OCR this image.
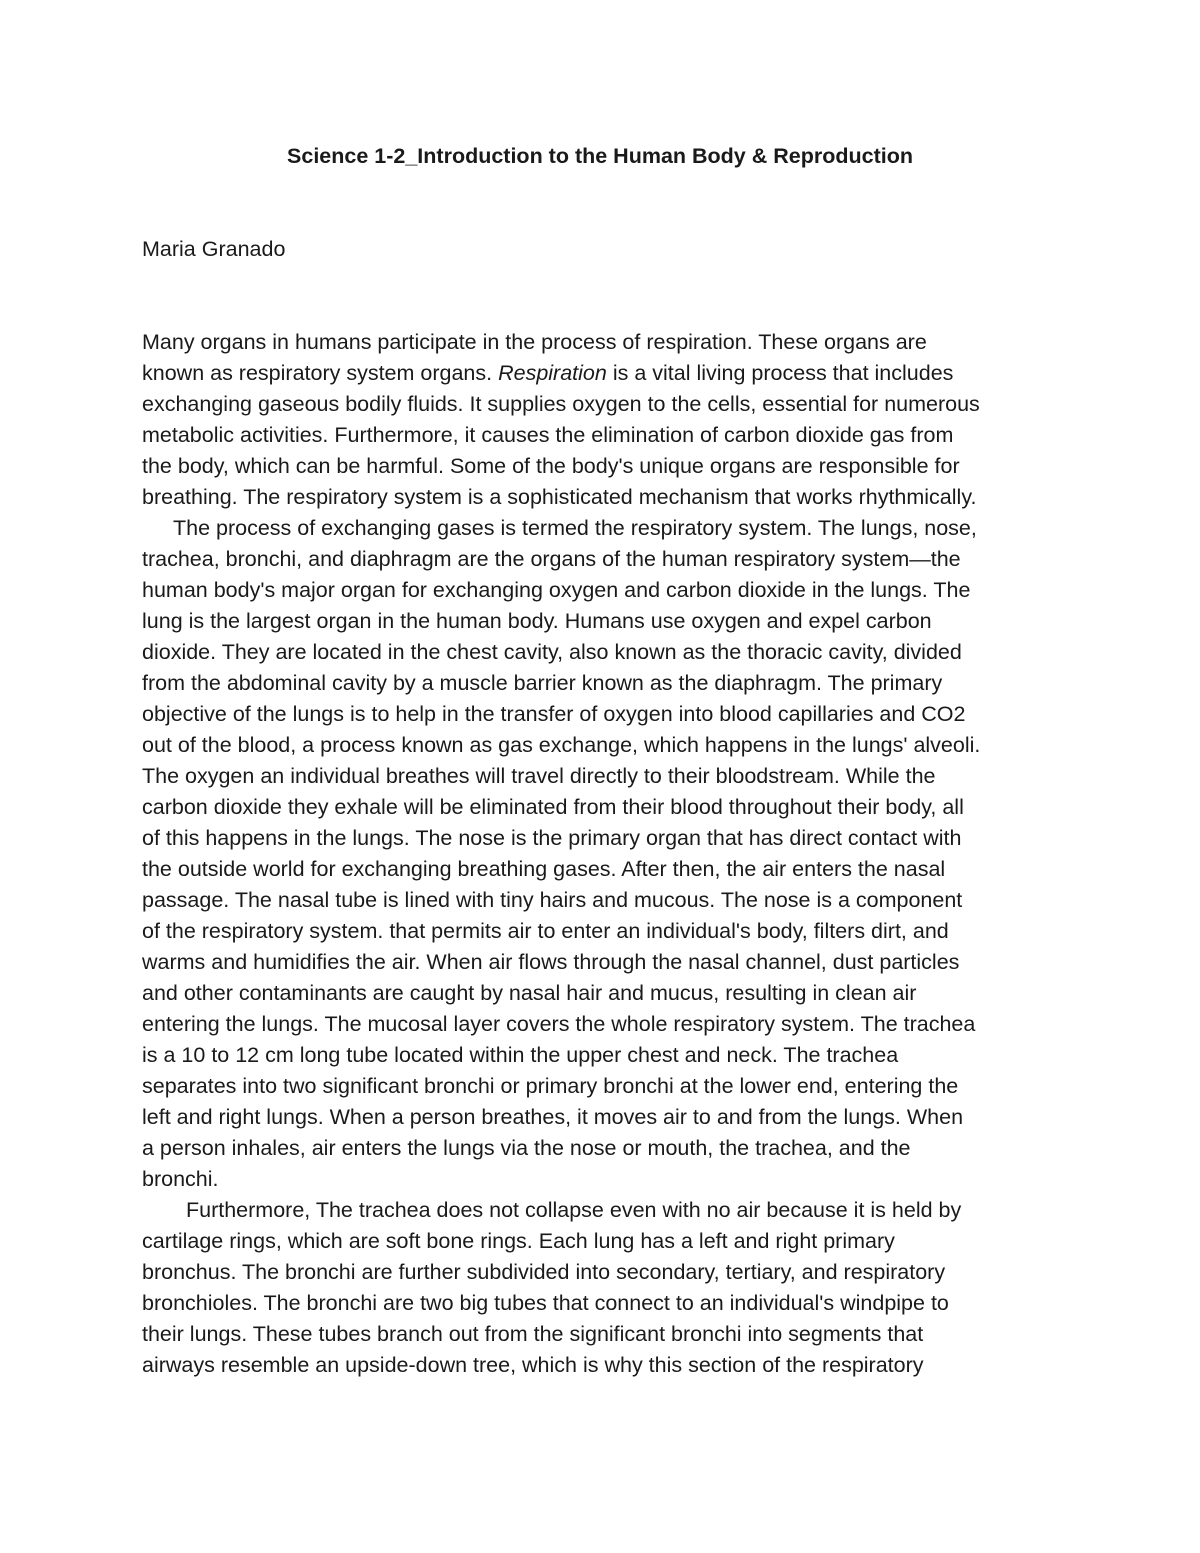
Science 1-2_Introduction to the Human Body & Reproduction

Maria Granado

Many organs in humans participate in the process of respiration. These organs are
known as respiratory system organs. Respiration is a vital living process that includes
exchanging gaseous bodily fluids. It supplies oxygen to the cells, essential for numerous
metabolic activities. Furthermore, it causes the elimination of carbon dioxide gas from
the body, which can be harmful. Some of the body's unique organs are responsible for
breathing. The respiratory system is a sophisticated mechanism that works rhythmically.
The process of exchanging gases is termed the respiratory system. The lungs, nose,
trachea, bronchi, and diaphragm are the organs of the human respiratory system—the
human body's major organ for exchanging oxygen and carbon dioxide in the lungs. The
lung is the largest organ in the human body. Humans use oxygen and expel carbon
dioxide. They are located in the chest cavity, also known as the thoracic cavity, divided
from the abdominal cavity by a muscle barrier known as the diaphragm. The primary
objective of the lungs is to help in the transfer of oxygen into blood capillaries and CO2
out of the blood, a process known as gas exchange, which happens in the lungs' alveoli.
The oxygen an individual breathes will travel directly to their bloodstream. While the
carbon dioxide they exhale will be eliminated from their blood throughout their body, all
of this happens in the lungs. The nose is the primary organ that has direct contact with
the outside world for exchanging breathing gases. After then, the air enters the nasal
passage. The nasal tube is lined with tiny hairs and mucous. The nose is a component
of the respiratory system. that permits air to enter an individual's body, filters dirt, and
warms and humidifies the air. When air flows through the nasal channel, dust particles
and other contaminants are caught by nasal hair and mucus, resulting in clean air
entering the lungs. The mucosal layer covers the whole respiratory system. The trachea
is a 10 to 12 cm long tube located within the upper chest and neck. The trachea
separates into two significant bronchi or primary bronchi at the lower end, entering the
left and right lungs. When a person breathes, it moves air to and from the lungs. When
a person inhales, air enters the lungs via the nose or mouth, the trachea, and the
bronchi.
Furthermore, The trachea does not collapse even with no air because it is held by
cartilage rings, which are soft bone rings. Each lung has a left and right primary
bronchus. The bronchi are further subdivided into secondary, tertiary, and respiratory
bronchioles. The bronchi are two big tubes that connect to an individual's windpipe to
their lungs. These tubes branch out from the significant bronchi into segments that
airways resemble an upside-down tree, which is why this section of the respiratory
